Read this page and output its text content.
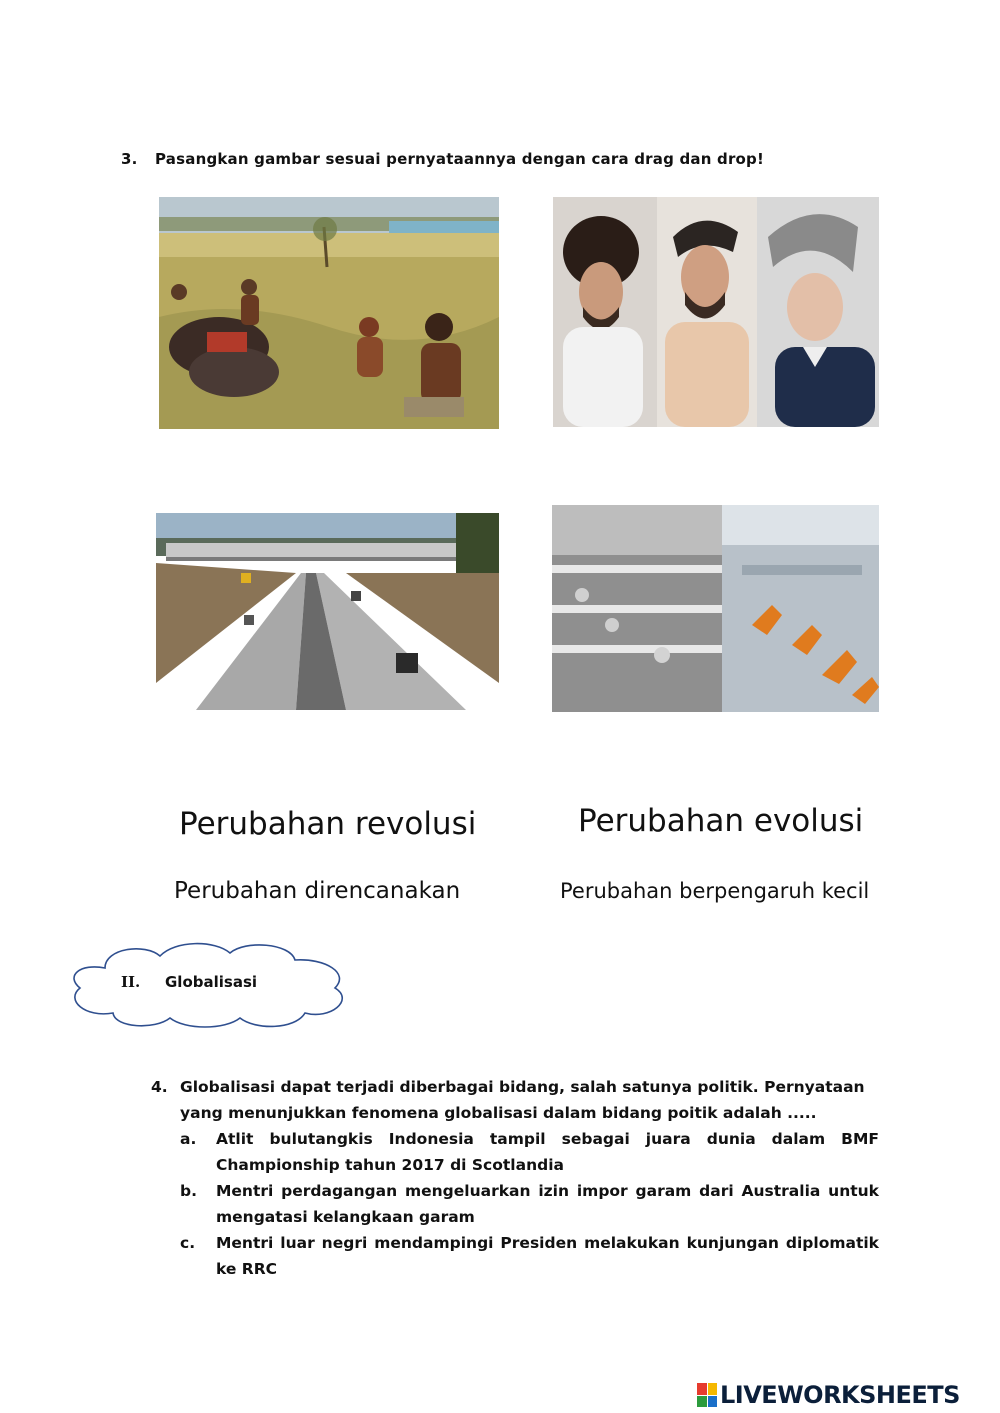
3. Pasangkan gambar sesuai pernyataannya dengan cara drag dan drop!
Perubahan revolusi	Perubahan evolusi
Perubahan direncanakan	Perubahan berpengaruh kecil
II. Globalisasi
4. Globalisasi dapat terjadi diberbagai bidang, salah satunya politik. Pernyataan
yang menunjukkan fenomena globalisasi dalam bidang poitik adalah .....
a.	Atlit bulutangkis Indonesia tampil sebagai juara dunia dalam BMF Championship tahun 2017 di Scotlandia
b.	Mentri perdagangan mengeluarkan izin impor garam dari Australia untuk mengatasi kelangkaan garam
c.	Mentri luar negri mendampingi Presiden melakukan kunjungan diplomatik ke RRC
LIVEWORKSHEETS
